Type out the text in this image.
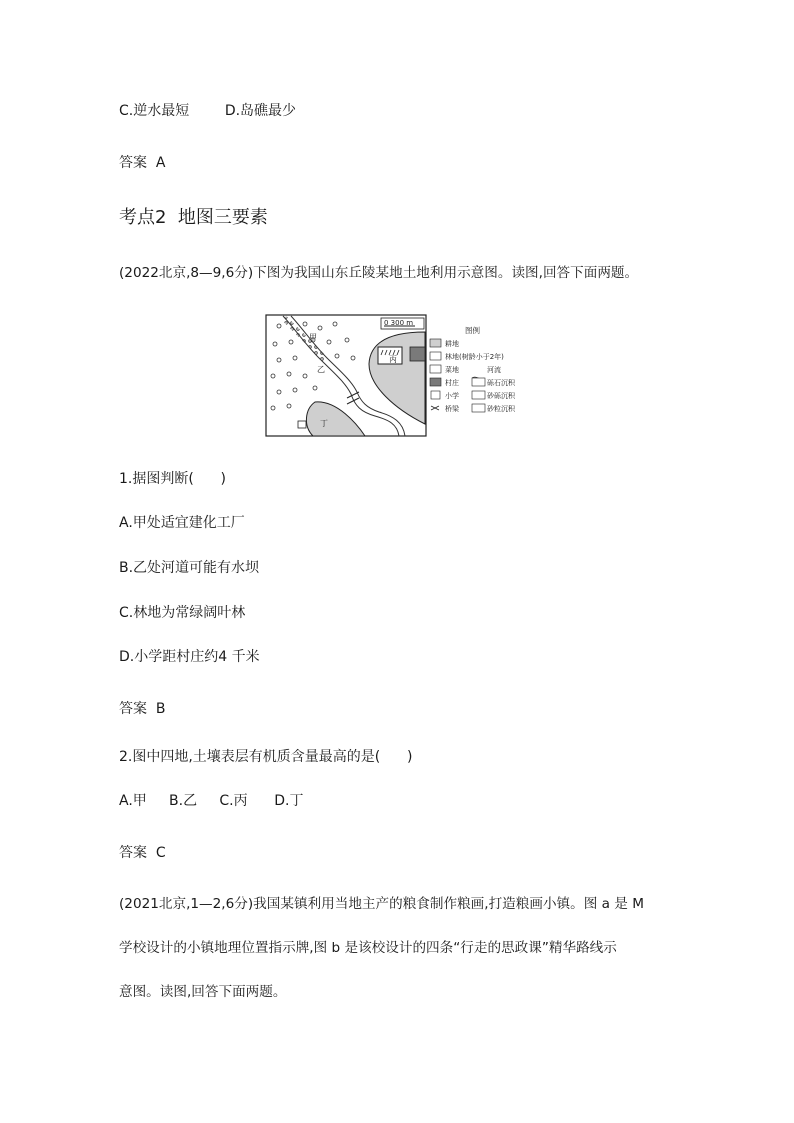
C.逆水最短        D.岛礁最少
答案  A
考点2  地图三要素
(2022北京,8—9,6分)下图为我国山东丘陵某地土地利用示意图。读图,回答下面两题。
0 300 m
丙
甲
乙
丁
图例
耕地
林地(树龄小于2年)
菜地
村庄
小学
桥梁
河流
砾石沉积
砂砾沉积
砂粒沉积
1.据图判断(      )
A.甲处适宜建化工厂
B.乙处河道可能有水坝
C.林地为常绿阔叶林
D.小学距村庄约4 千米
答案  B
2.图中四地,土壤表层有机质含量最高的是(      )
A.甲     B.乙     C.丙      D.丁
答案  C
(2021北京,1—2,6分)我国某镇利用当地主产的粮食制作粮画,打造粮画小镇。图 a 是 M
学校设计的小镇地理位置指示牌,图 b 是该校设计的四条“行走的思政课”精华路线示
意图。读图,回答下面两题。
